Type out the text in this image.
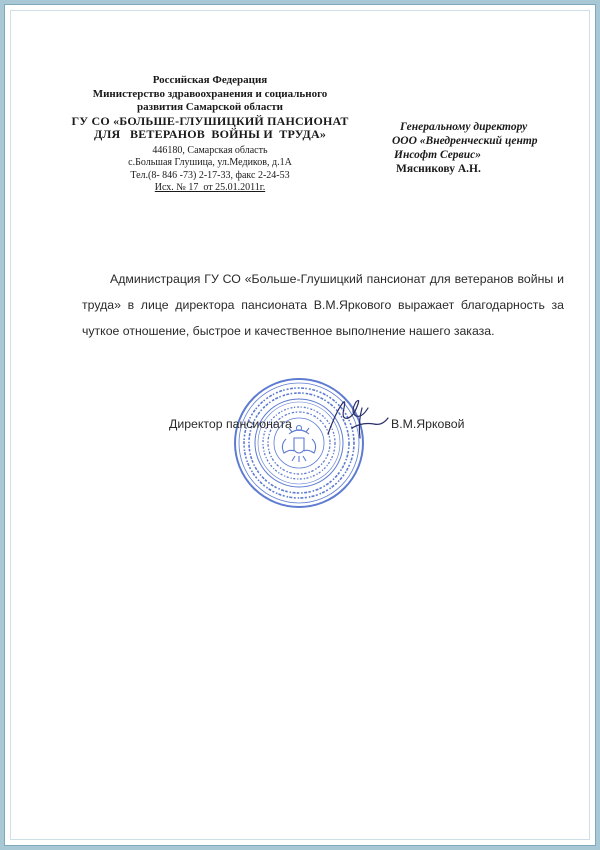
Российская Федерация
Министерство здравоохранения и социального
развития Самарской области
ГУ СО «БОЛЬШЕ-ГЛУШИЦКИЙ ПАНСИОНАТ
ДЛЯ   ВЕТЕРАНОВ  ВОЙНЫ И  ТРУДА»
446180, Самарская область
с.Большая Глушица, ул.Медиков, д.1А
Тел.(8- 846 -73) 2-17-33, факс 2-24-53
Исх. № 17  от 25.01.2011г.
Генеральному директору
ООО «Внедренческий центр
Инсофт Сервис»
Мясникову А.Н.
Администрация ГУ СО «Больше-Глушицкий пансионат для ветеранов войны и труда» в лице директора пансионата В.М.Яркового выражает благодарность за чуткое отношение, быстрое и качественное выполнение нашего заказа.
Директор пансионата	В.М.Ярковой
